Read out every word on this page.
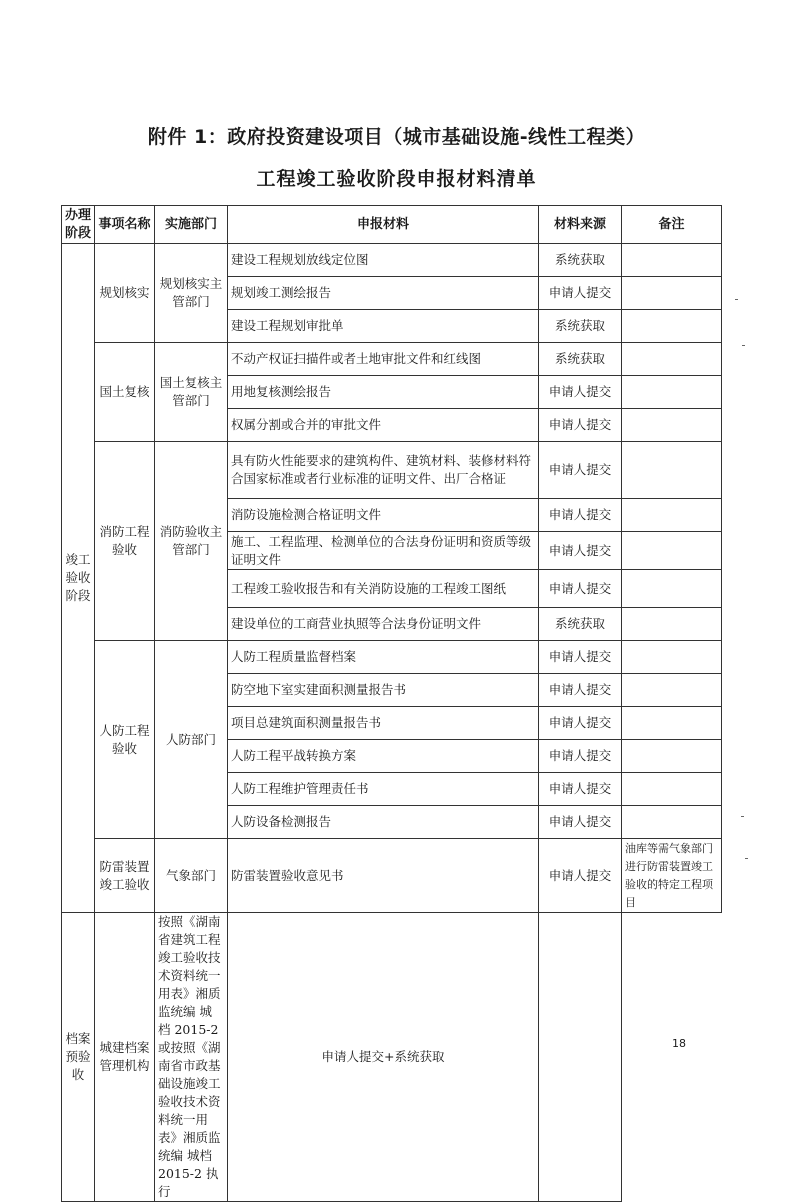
附件 1：政府投资建设项目（城市基础设施-线性工程类）
工程竣工验收阶段申报材料清单
办理阶段	事项名称	实施部门	申报材料	材料来源	备注
竣工验收阶段	规划核实	规划核实主管部门	建设工程规划放线定位图	系统获取	
			规划竣工测绘报告	申请人提交	
			建设工程规划审批单	系统获取	
	国土复核	国土复核主管部门	不动产权证扫描件或者土地审批文件和红线图	系统获取	
			用地复核测绘报告	申请人提交	
			权属分割或合并的审批文件	申请人提交	
	消防工程验收	消防验收主管部门	具有防火性能要求的建筑构件、建筑材料、装修材料符合国家标准或者行业标准的证明文件、出厂合格证	申请人提交	
			消防设施检测合格证明文件	申请人提交	
			施工、工程监理、检测单位的合法身份证明和资质等级证明文件	申请人提交	
			工程竣工验收报告和有关消防设施的工程竣工图纸	申请人提交	
			建设单位的工商营业执照等合法身份证明文件	系统获取	
	人防工程验收	人防部门	人防工程质量监督档案	申请人提交	
			防空地下室实建面积测量报告书	申请人提交	
			项目总建筑面积测量报告书	申请人提交	
			人防工程平战转换方案	申请人提交	
			人防工程维护管理责任书	申请人提交	
			人防设备检测报告	申请人提交	
	防雷装置竣工验收	气象部门	防雷装置验收意见书	申请人提交	油库等需气象部门进行防雷装置竣工验收的特定工程项目
档案预验收	城建档案管理机构	按照《湖南省建筑工程竣工验收技术资料统一用表》湘质监统编 城档 2015-2 或按照《湖南省市政基础设施竣工验收技术资料统一用表》湘质监统编 城档 2015-2 执行	申请人提交+系统获取		
18
